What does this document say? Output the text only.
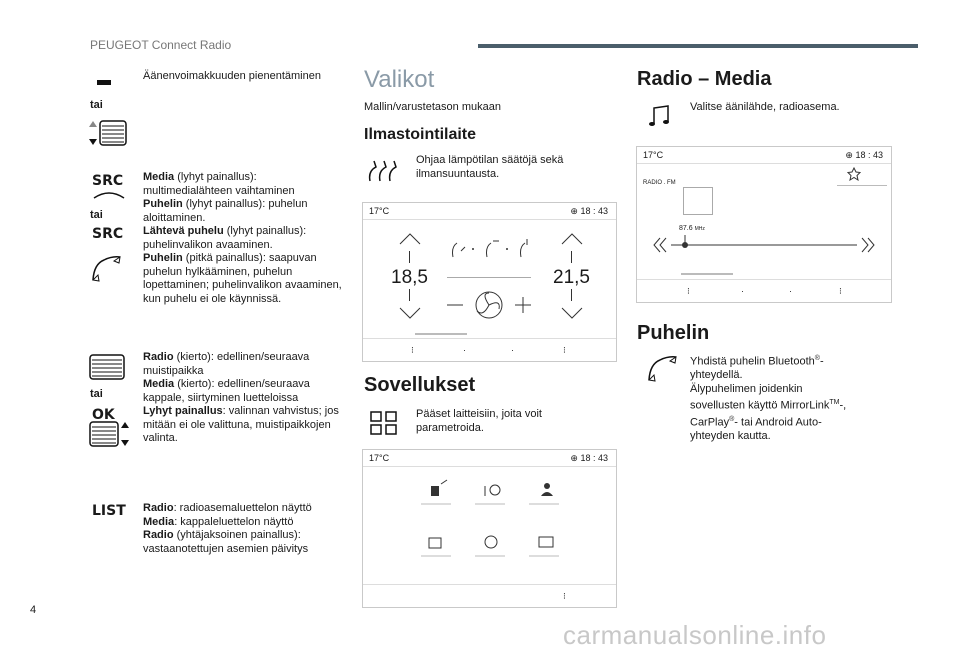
PEUGEOT Connect Radio
Äänenvoimakkuuden pienentäminen
tai
SRC
tai
SRC
Media (lyhyt painallus): multimedialähteen vaihtaminen
Puhelin (lyhyt painallus): puhelun aloittaminen.
Lähtevä puhelu (lyhyt painallus): puhelinvalikon avaaminen.
Puhelin (pitkä painallus): saapuvan puhelun hylkääminen, puhelun lopettaminen; puhelinvalikon avaaminen, kun puhelu ei ole käynnissä.
tai
OK
Radio (kierto): edellinen/seuraava muistipaikka
Media (kierto): edellinen/seuraava kappale, siirtyminen luetteloissa
Lyhyt painallus: valinnan vahvistus; jos mitään ei ole valittuna, muistipaikkojen valinta.
LIST Radio: radioasemaluettelon näyttö
Media: kappaleluettelon näyttö
Radio (yhtäjaksoinen painallus): vastaanotettujen asemien päivitys
Valikot
Mallin/varustetason mukaan
Ilmastointilaite
Ohjaa lämpötilan säätöjä sekä ilmansuuntausta.
17°C	⊕ 18 : 43
18,5	21,5
⁝	·	·	⁝
Sovellukset
Pääset laitteisiin, joita voit parametroida.
17°C	⊕ 18 : 43
⁝
Radio – Media
Valitse äänilähde, radioasema.
17°C	⊕ 18 : 43
RADIO . FM
87.6 MHz
⁝	·	·	⁝
Puhelin
Yhdistä puhelin Bluetooth®-yhteydellä.
Älypuhelimen joidenkin sovellusten käyttö MirrorLink™-, CarPlay®- tai Android Auto-yhteyden kautta.
4
carmanualsonline.info
